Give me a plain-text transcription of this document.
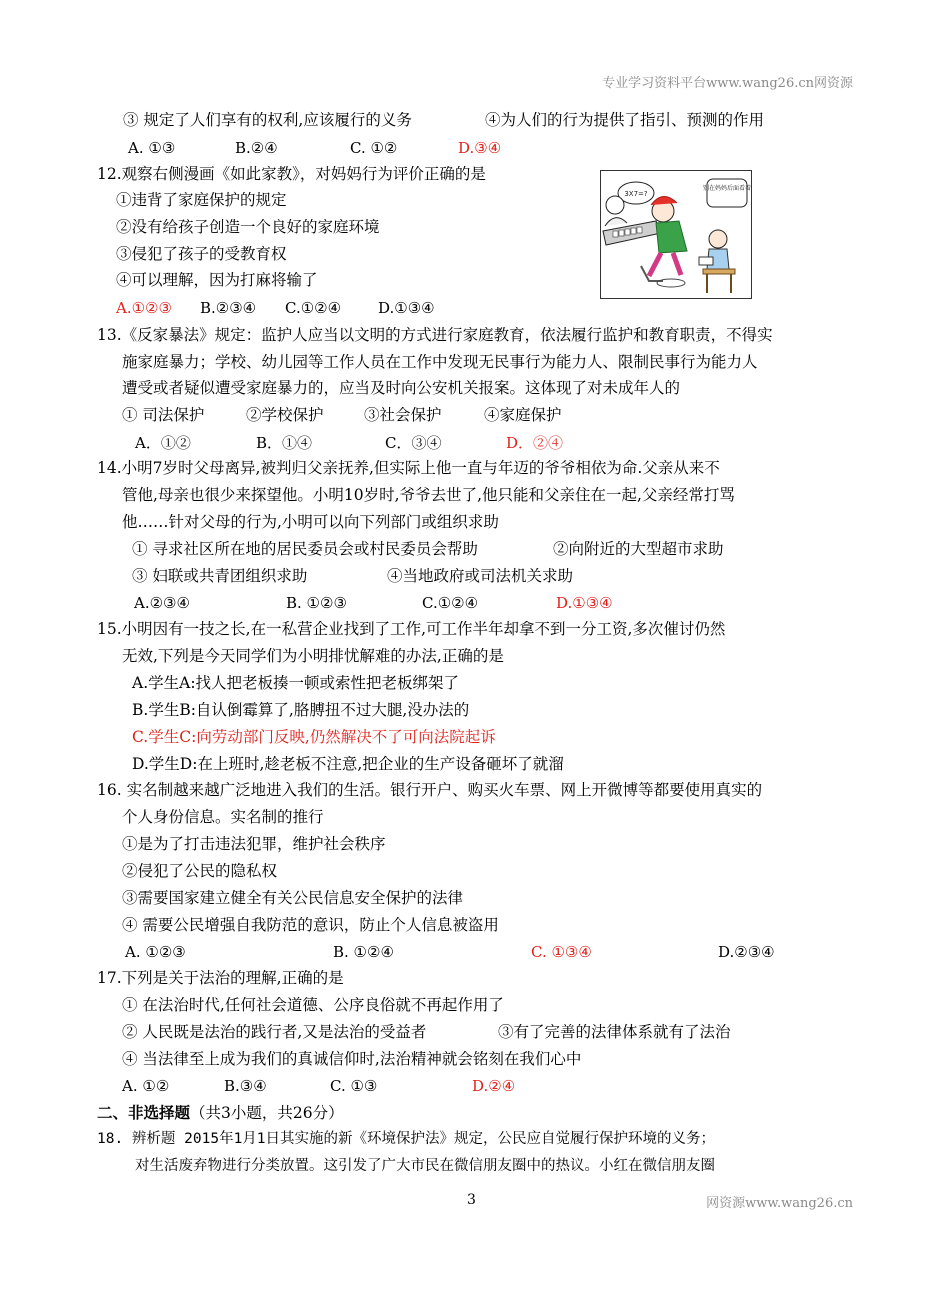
专业学习资料平台www.wang26.cn网资源
③ 规定了人们享有的权利,应该履行的义务	④为人们的行为提供了指引、预测的作用
A. ①③	B.②④	C. ①②	D.③④
12.观察右侧漫画《如此家教》，对妈妈行为评价正确的是
①违背了家庭保护的规定
②没有给孩子创造一个良好的家庭环境
③侵犯了孩子的受教育权
④可以理解，因为打麻将输了
A.①②③ B.②③④ C.①②④ D.①③④
3X7=?
别在妈妈后面看着
13.《反家暴法》规定：监护人应当以文明的方式进行家庭教育，依法履行监护和教育职责，不得实
施家庭暴力；学校、幼儿园等工作人员在工作中发现无民事行为能力人、限制民事行为能力人
遭受或者疑似遭受家庭暴力的，应当及时向公安机关报案。这体现了对未成年人的
① 司法保护	②学校保护	③社会保护	④家庭保护
A．①②	B．①④	C．③④	D．②④
14.小明7岁时父母离异,被判归父亲抚养,但实际上他一直与年迈的爷爷相依为命.父亲从来不
管他,母亲也很少来探望他。小明10岁时,爷爷去世了,他只能和父亲住在一起,父亲经常打骂
他……针对父母的行为,小明可以向下列部门或组织求助
① 寻求社区所在地的居民委员会或村民委员会帮助	②向附近的大型超市求助
③ 妇联或共青团组织求助	④当地政府或司法机关求助
A.②③④	B. ①②③	C.①②④	D.①③④
15.小明因有一技之长,在一私营企业找到了工作,可工作半年却拿不到一分工资,多次催讨仍然
无效,下列是今天同学们为小明排忧解难的办法,正确的是
A.学生A:找人把老板揍一顿或索性把老板绑架了
B.学生B:自认倒霉算了,胳膊扭不过大腿,没办法的
C.学生C:向劳动部门反映,仍然解决不了可向法院起诉
D.学生D:在上班时,趁老板不注意,把企业的生产设备砸坏了就溜
16. 实名制越来越广泛地进入我们的生活。银行开户、购买火车票、网上开微博等都要使用真实的
个人身份信息。实名制的推行
①是为了打击违法犯罪，维护社会秩序
②侵犯了公民的隐私权
③需要国家建立健全有关公民信息安全保护的法律
④ 需要公民增强自我防范的意识，防止个人信息被盗用
A. ①②③	B. ①②④	C. ①③④	D.②③④
17.下列是关于法治的理解,正确的是
① 在法治时代,任何社会道德、公序良俗就不再起作用了
② 人民既是法治的践行者,又是法治的受益者	③有了完善的法律体系就有了法治
④ 当法律至上成为我们的真诚信仰时,法治精神就会铭刻在我们心中
A. ①②	B.③④	C. ①③	D.②④
二、非选择题（共3小题，共26分）
18. 辨析题 2015年1月1日其实施的新《环境保护法》规定，公民应自觉履行保护环境的义务；
对生活废弃物进行分类放置。这引发了广大市民在微信朋友圈中的热议。小红在微信朋友圈
3	网资源www.wang26.cn
